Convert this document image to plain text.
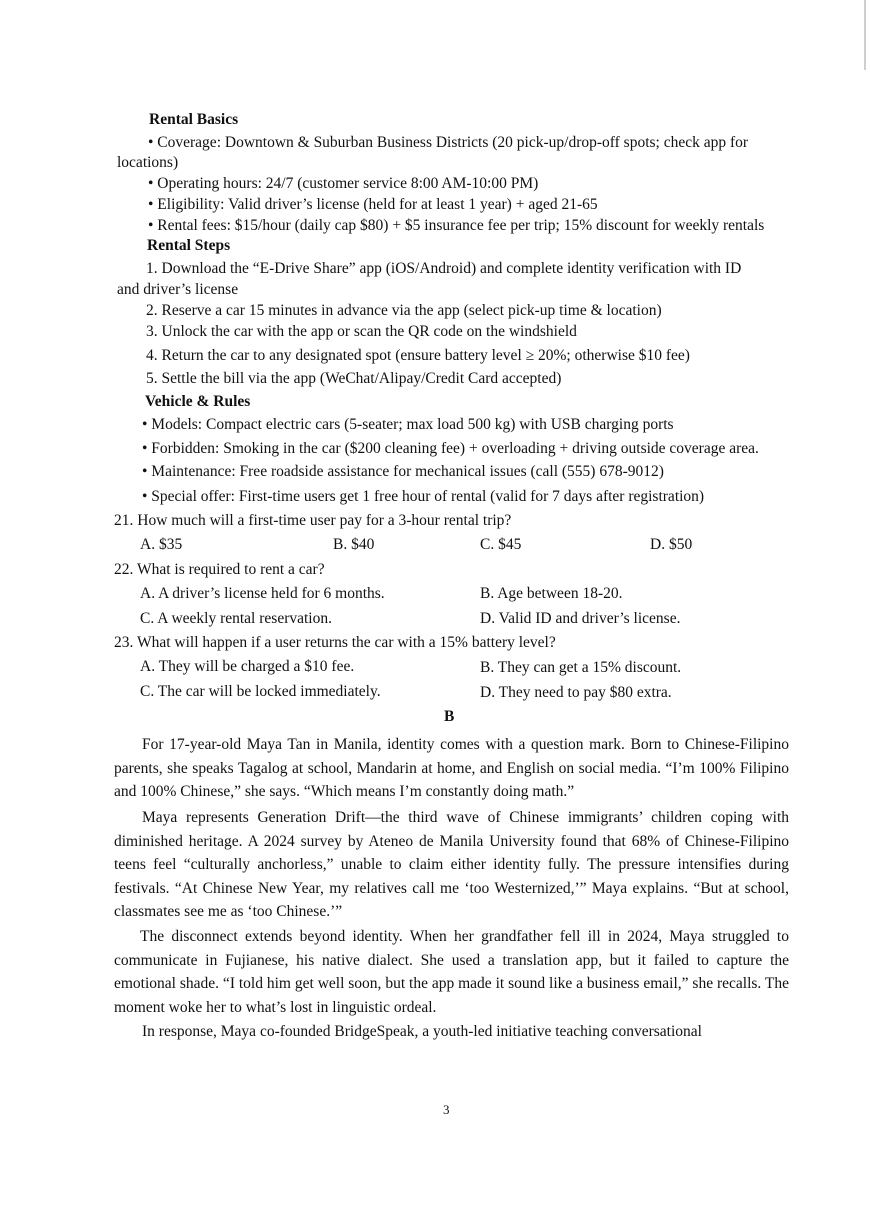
Rental Basics
• Coverage: Downtown & Suburban Business Districts (20 pick-up/drop-off spots; check app for
locations)
• Operating hours: 24/7 (customer service 8:00 AM-10:00 PM)
• Eligibility: Valid driver’s license (held for at least 1 year) + aged 21-65
• Rental fees: $15/hour (daily cap $80) + $5 insurance fee per trip; 15% discount for weekly rentals
Rental Steps
1. Download the “E-Drive Share” app (iOS/Android) and complete identity verification with ID
and driver’s license
2. Reserve a car 15 minutes in advance via the app (select pick-up time & location)
3. Unlock the car with the app or scan the QR code on the windshield
4. Return the car to any designated spot (ensure battery level ≥ 20%; otherwise $10 fee)
5. Settle the bill via the app (WeChat/Alipay/Credit Card accepted)
Vehicle & Rules
• Models: Compact electric cars (5-seater; max load 500 kg) with USB charging ports
• Forbidden: Smoking in the car ($200 cleaning fee) + overloading + driving outside coverage area.
• Maintenance: Free roadside assistance for mechanical issues (call (555) 678-9012)
• Special offer: First-time users get 1 free hour of rental (valid for 7 days after registration)
21. How much will a first-time user pay for a 3-hour rental trip?
A. $35	B. $40	C. $45	D. $50
22. What is required to rent a car?
A. A driver’s license held for 6 months.	B. Age between 18-20.
C. A weekly rental reservation.	D. Valid ID and driver’s license.
23. What will happen if a user returns the car with a 15% battery level?
A. They will be charged a $10 fee.	B. They can get a 15% discount.
C. The car will be locked immediately.	D. They need to pay $80 extra.
B
For 17-year-old Maya Tan in Manila, identity comes with a question mark. Born to Chinese-Filipino parents, she speaks Tagalog at school, Mandarin at home, and English on social media. “I’m 100% Filipino and 100% Chinese,” she says. “Which means I’m constantly doing math.”
Maya represents Generation Drift—the third wave of Chinese immigrants’ children coping with diminished heritage. A 2024 survey by Ateneo de Manila University found that 68% of Chinese-Filipino teens feel “culturally anchorless,” unable to claim either identity fully. The pressure intensifies during festivals. “At Chinese New Year, my relatives call me ‘too Westernized,’” Maya explains. “But at school, classmates see me as ‘too Chinese.’”
The disconnect extends beyond identity. When her grandfather fell ill in 2024, Maya struggled to communicate in Fujianese, his native dialect. She used a translation app, but it failed to capture the emotional shade. “I told him get well soon, but the app made it sound like a business email,” she recalls. The moment woke her to what’s lost in linguistic ordeal.
In response, Maya co-founded BridgeSpeak, a youth-led initiative teaching conversational
3
